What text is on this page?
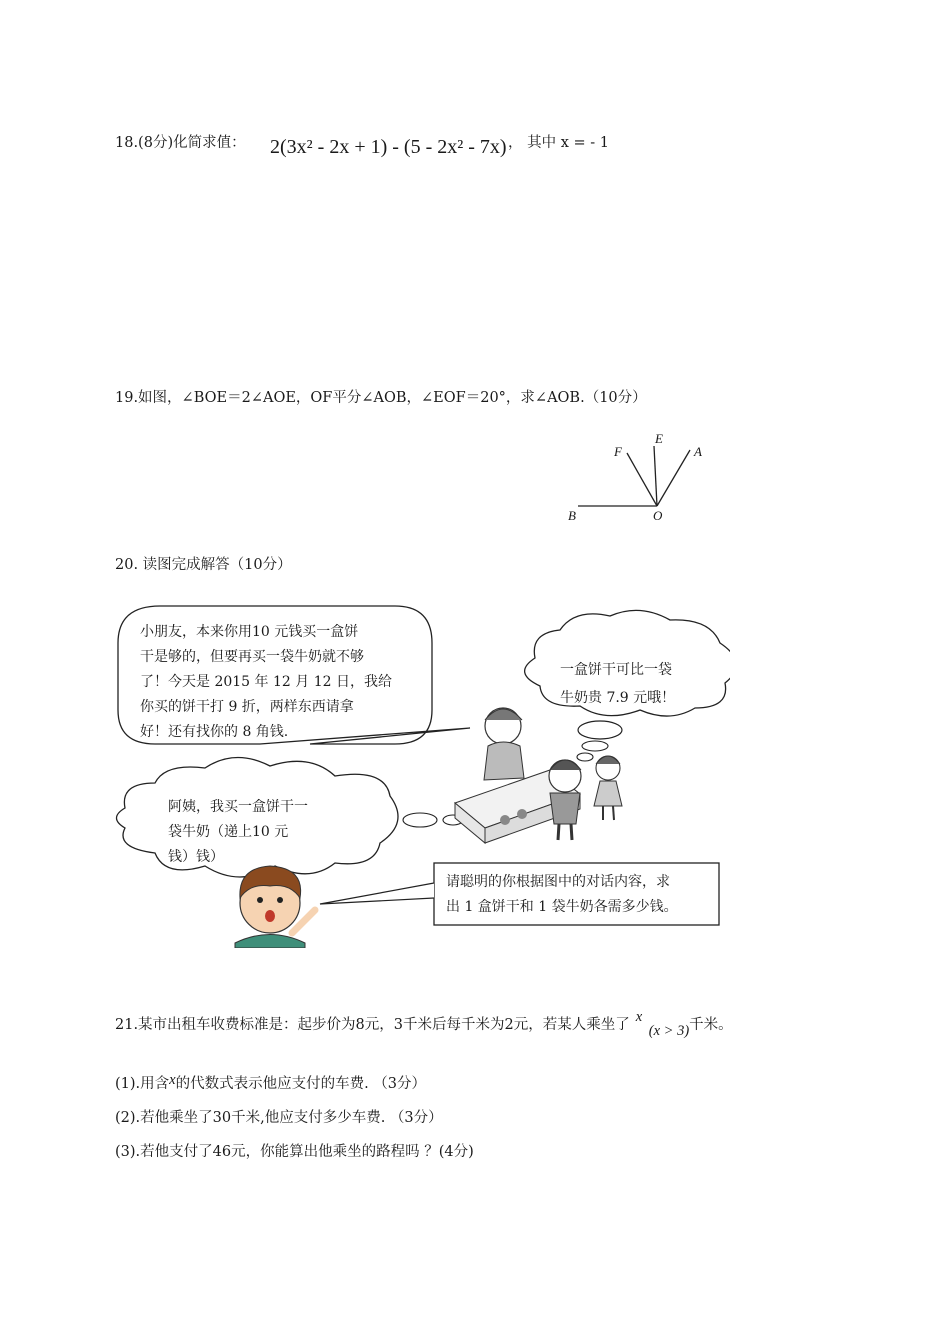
18.(8分)化简求值： 2(3x² - 2x + 1) - (5 - 2x² - 7x) ， 其中 x = - 1
19.如图，∠BOE＝2∠AOE，OF平分∠AOB，∠EOF＝20°，求∠AOB.（10分）
F
E
A
B	O
20. 读图完成解答（10分）
小朋友，本来你用10 元钱买一盒饼
干是够的，但要再买一袋牛奶就不够
了！今天是 2015 年 12 月 12 日，我给
你买的饼干打 9 折，两样东西请拿
好！还有找你的 8 角钱.
一盒饼干可比一袋
牛奶贵 7.9 元哦！
阿姨，我买一盒饼干一
袋牛奶（递上10 元
钱）钱）
请聪明的你根据图中的对话内容，求
出 1 盒饼干和 1 袋牛奶各需多少钱。
21.某市出租车收费标准是：起步价为8元，3千米后每千米为2元，若某人乘坐了 x (x > 3)千米。
(1).用含x的代数式表示他应支付的车费. （3分）
(2).若他乘坐了30千米,他应支付多少车费. （3分）
(3).若他支付了46元，你能算出他乘坐的路程吗 ？(4分)
